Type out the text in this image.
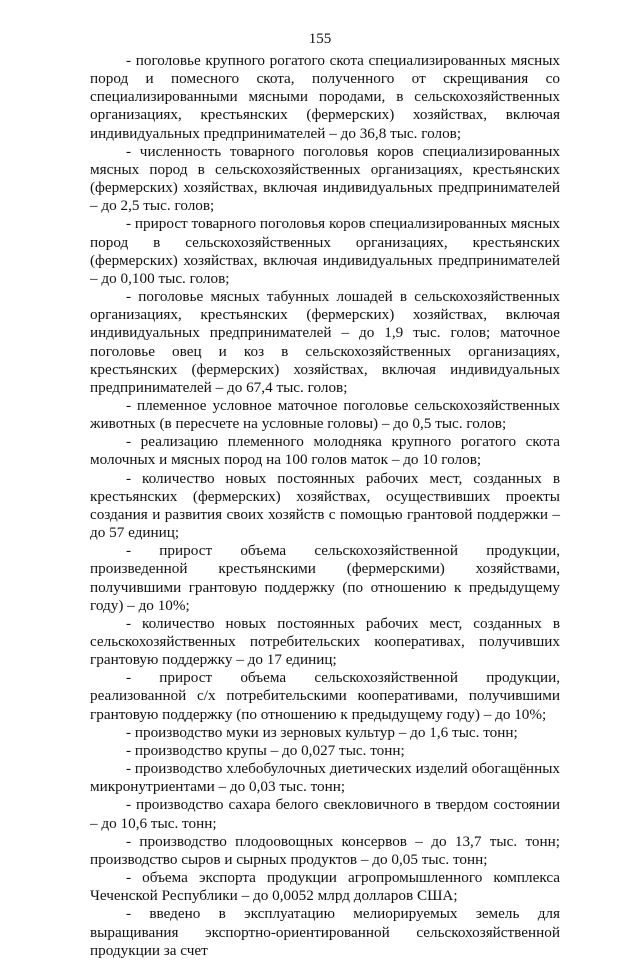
155

- поголовье крупного рогатого скота специализированных мясных пород и помесного скота, полученного от скрещивания со специализированными мясными породами, в сельскохозяйственных организациях, крестьянских (фермерских) хозяйствах, включая индивидуальных предпринимателей – до 36,8 тыс. голов;

- численность товарного поголовья коров специализированных мясных пород в сельскохозяйственных организациях, крестьянских (фермерских) хозяйствах, включая индивидуальных предпринимателей – до 2,5 тыс. голов;

- прирост товарного поголовья коров специализированных мясных пород в сельскохозяйственных организациях, крестьянских (фермерских) хозяйствах, включая индивидуальных предпринимателей – до 0,100 тыс. голов;

- поголовье мясных табунных лошадей в сельскохозяйственных организациях, крестьянских (фермерских) хозяйствах, включая индивидуальных предпринимателей – до 1,9 тыс. голов; маточное поголовье овец и коз в сельскохозяйственных организациях, крестьянских (фермерских) хозяйствах, включая индивидуальных предпринимателей – до 67,4 тыс. голов;

- племенное условное маточное поголовье сельскохозяйственных животных (в пересчете на условные головы) – до 0,5 тыс. голов;

- реализацию племенного молодняка крупного рогатого скота молочных и мясных пород на 100 голов маток – до 10 голов;

- количество новых постоянных рабочих мест, созданных в крестьянских (фермерских) хозяйствах, осуществивших проекты создания и развития своих хозяйств с помощью грантовой поддержки – до 57 единиц;

- прирост объема сельскохозяйственной продукции, произведенной крестьянскими (фермерскими) хозяйствами, получившими грантовую поддержку (по отношению к предыдущему году) – до 10%;

- количество новых постоянных рабочих мест, созданных в сельскохозяйственных потребительских кооперативах, получивших грантовую поддержку – до 17 единиц;

- прирост объема сельскохозяйственной продукции, реализованной с/х потребительскими кооперативами, получившими грантовую поддержку (по отношению к предыдущему году) – до 10%;

- производство муки из зерновых культур – до 1,6 тыс. тонн;

- производство крупы – до 0,027 тыс. тонн;

- производство хлебобулочных диетических изделий обогащённых микронутриентами – до 0,03 тыс. тонн;

- производство сахара белого свекловичного в твердом состоянии – до 10,6 тыс. тонн;

- производство плодоовощных консервов – до 13,7 тыс. тонн; производство сыров и сырных продуктов – до 0,05 тыс. тонн;

- объема экспорта продукции агропромышленного комплекса Чеченской Республики – до 0,0052 млрд долларов США;

- введено в эксплуатацию мелиорируемых земель для выращивания экспортно-ориентированной сельскохозяйственной продукции за счет
